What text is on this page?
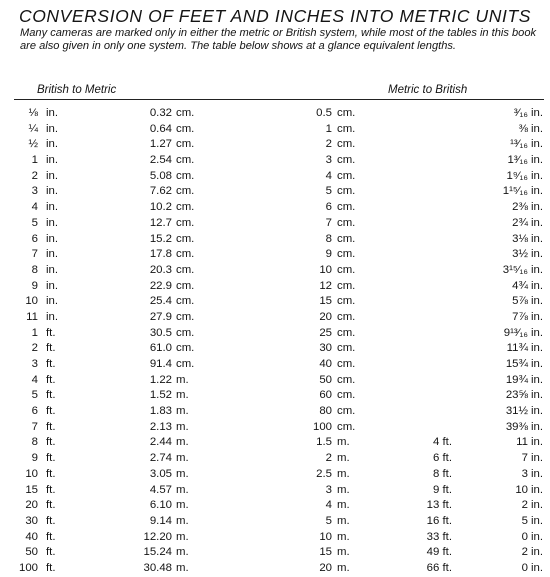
CONVERSION OF FEET AND INCHES INTO METRIC UNITS
Many cameras are marked only in either the metric or British system, while most of the tables in this book are also given in only one system. The table below shows at a glance equivalent lengths.
British to Metric	Metric to British
⅛ in.	0.32 cm.	0.5 cm.	³⁄₁₆ in.
¼ in.	0.64 cm.	1 cm.	⅜ in.
½ in.	1.27 cm.	2 cm.	¹³⁄₁₆ in.
1 in.	2.54 cm.	3 cm.	1³⁄₁₆ in.
2 in.	5.08 cm.	4 cm.	1⁹⁄₁₆ in.
3 in.	7.62 cm.	5 cm.	1¹⁵⁄₁₆ in.
4 in.	10.2 cm.	6 cm.	2⅜ in.
5 in.	12.7 cm.	7 cm.	2¾ in.
6 in.	15.2 cm.	8 cm.	3⅛ in.
7 in.	17.8 cm.	9 cm.	3½ in.
8 in.	20.3 cm.	10 cm.	3¹⁵⁄₁₆ in.
9 in.	22.9 cm.	12 cm.	4¾ in.
10 in.	25.4 cm.	15 cm.	5⅞ in.
11 in.	27.9 cm.	20 cm.	7⅞ in.
1 ft.	30.5 cm.	25 cm.	9¹³⁄₁₆ in.
2 ft.	61.0 cm.	30 cm.	11¾ in.
3 ft.	91.4 cm.	40 cm.	15¾ in.
4 ft.	1.22 m.	50 cm.	19¾ in.
5 ft.	1.52 m.	60 cm.	23⅝ in.
6 ft.	1.83 m.	80 cm.	31½ in.
7 ft.	2.13 m.	100 cm.	39⅜ in.
8 ft.	2.44 m.	1.5 m.	4 ft.	11 in.
9 ft.	2.74 m.	2 m.	6 ft.	7 in.
10 ft.	3.05 m.	2.5 m.	8 ft.	3 in.
15 ft.	4.57 m.	3 m.	9 ft.	10 in.
20 ft.	6.10 m.	4 m.	13 ft.	2 in.
30 ft.	9.14 m.	5 m.	16 ft.	5 in.
40 ft.	12.20 m.	10 m.	33 ft.	0 in.
50 ft.	15.24 m.	15 m.	49 ft.	2 in.
100 ft.	30.48 m.	20 m.	66 ft.	0 in.
